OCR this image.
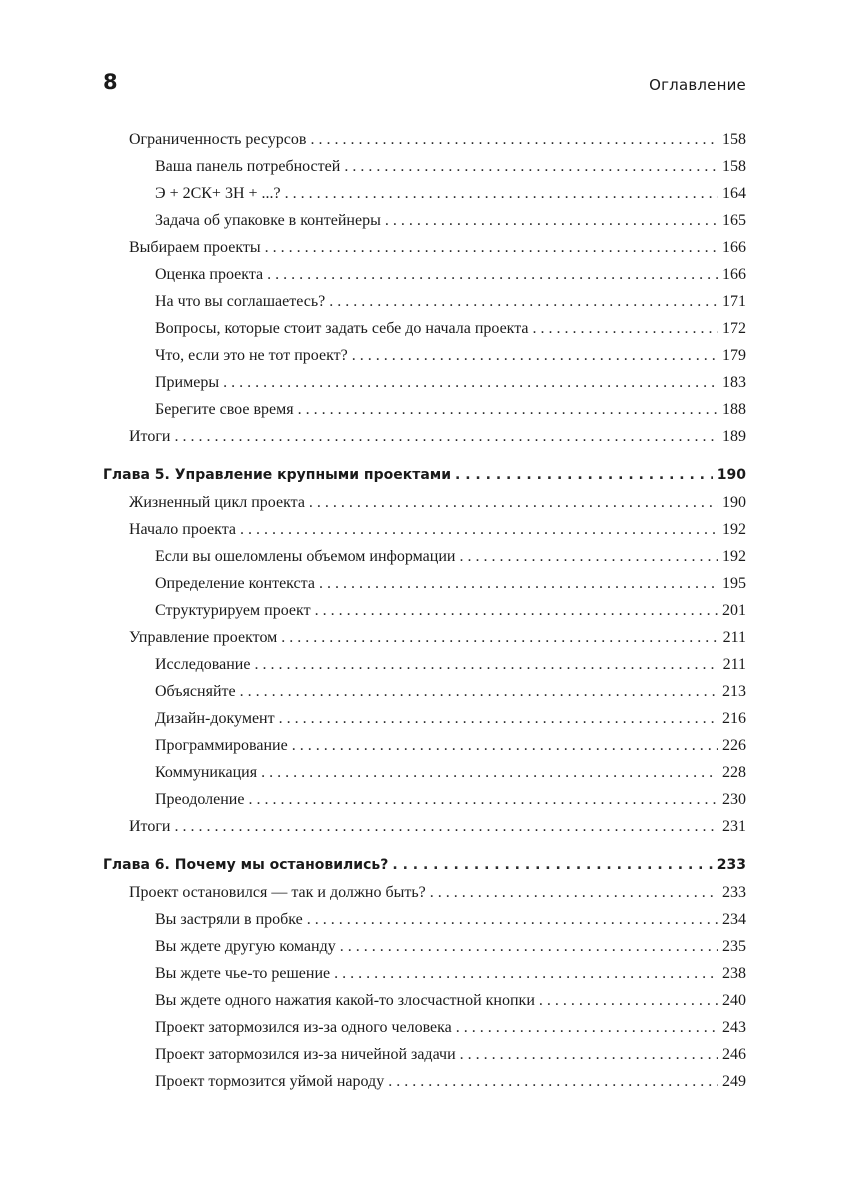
8	Оглавление
Ограниченность ресурсов . . .	158
Ваша панель потребностей . . .	158
Э + 2СК+ 3Н + ...? . . .	164
Задача об упаковке в контейнеры . . .	165
Выбираем проекты . . .	166
Оценка проекта . . .	166
На что вы соглашаетесь? . . .	171
Вопросы, которые стоит задать себе до начала проекта . . .	172
Что, если это не тот проект? . . .	179
Примеры . . .	183
Берегите свое время . . .	188
Итоги . . .	189
Глава 5. Управление крупными проектами . . .	190
Жизненный цикл проекта . . .	190
Начало проекта . . .	192
Если вы ошеломлены объемом информации . . .	192
Определение контекста . . .	195
Структурируем проект . . .	201
Управление проектом . . .	211
Исследование . . .	211
Объясняйте . . .	213
Дизайн-документ . . .	216
Программирование . . .	226
Коммуникация . . .	228
Преодоление . . .	230
Итоги . . .	231
Глава 6. Почему мы остановились? . . .	233
Проект остановился — так и должно быть? . . .	233
Вы застряли в пробке . . .	234
Вы ждете другую команду . . .	235
Вы ждете чье-то решение . . .	238
Вы ждете одного нажатия какой-то злосчастной кнопки . . .	240
Проект затормозился из-за одного человека . . .	243
Проект затормозился из-за ничейной задачи . . .	246
Проект тормозится уймой народу . . .	249
